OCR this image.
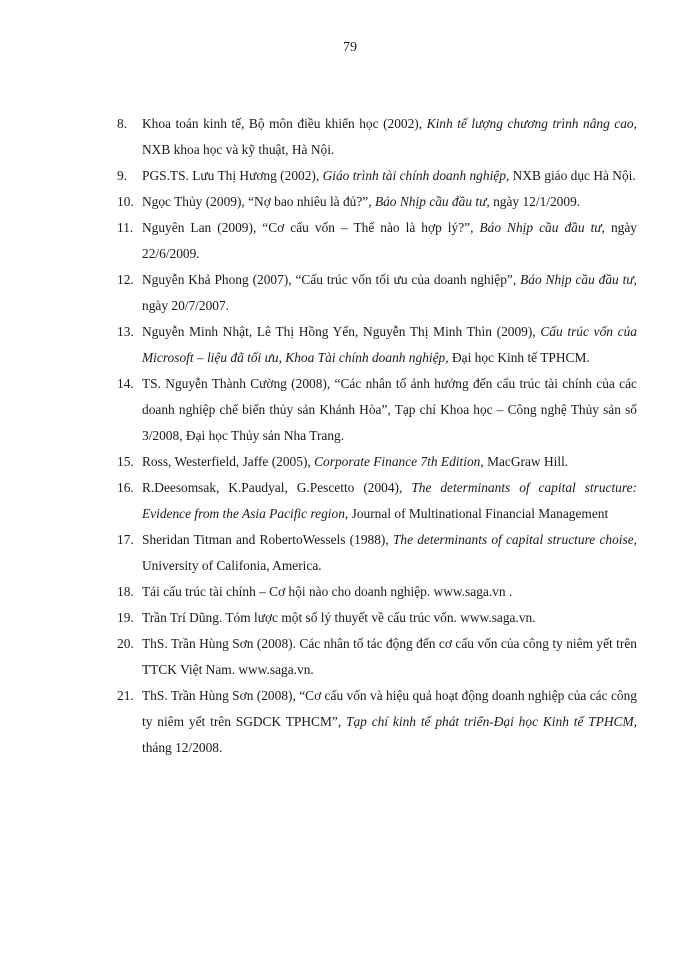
79
8. Khoa toán kinh tế, Bộ môn điều khiển học (2002), Kinh tế lượng chương trình nâng cao, NXB khoa học và kỹ thuật, Hà Nội.
9. PGS.TS. Lưu Thị Hương (2002), Giáo trình tài chính doanh nghiệp, NXB giáo dục Hà Nội.
10. Ngọc Thủy (2009), “Nợ bao nhiêu là đủ?”, Báo Nhịp cầu đầu tư, ngày 12/1/2009.
11. Nguyên Lan (2009), “Cơ cấu vốn – Thế nào là hợp lý?”, Báo Nhịp cầu đầu tư, ngày 22/6/2009.
12. Nguyễn Khả Phong (2007), “Cấu trúc vốn tối ưu của doanh nghiệp”, Báo Nhịp cầu đầu tư, ngày 20/7/2007.
13. Nguyễn Minh Nhật, Lê Thị Hồng Yến, Nguyễn Thị Minh Thìn (2009), Cấu trúc vốn của Microsoft – liệu đã tối ưu, Khoa Tài chính doanh nghiệp, Đại học Kinh tế TPHCM.
14. TS. Nguyễn Thành Cường (2008), “Các nhân tố ảnh hưởng đến cấu trúc tài chính của các doanh nghiệp chế biến thủy sản Khánh Hòa”, Tạp chí Khoa học – Công nghệ Thủy sản số 3/2008, Đại học Thủy sản Nha Trang.
15. Ross, Westerfield, Jaffe (2005), Corporate Finance 7th Edition, MacGraw Hill.
16. R.Deesomsak, K.Paudyal, G.Pescetto (2004), The determinants of capital structure: Evidence from the Asia Pacific region, Journal of Multinational Financial Management
17. Sheridan Titman and RobertoWessels (1988), The determinants of capital structure choise, University of Califonia, America.
18. Tái cấu trúc tài chính – Cơ hội nào cho doanh nghiệp. www.saga.vn .
19. Trần Trí Dũng. Tóm lược một số lý thuyết về cấu trúc vốn. www.saga.vn.
20. ThS. Trần Hùng Sơn (2008). Các nhân tố tác động đến cơ cấu vốn của công ty niêm yết trên TTCK Việt Nam. www.saga.vn.
21. ThS. Trần Hùng Sơn (2008), “Cơ cấu vốn và hiệu quả hoạt động doanh nghiệp của các công ty niêm yết trên SGDCK TPHCM”, Tạp chí kinh tế phát triển-Đại học Kinh tế TPHCM, tháng 12/2008.
